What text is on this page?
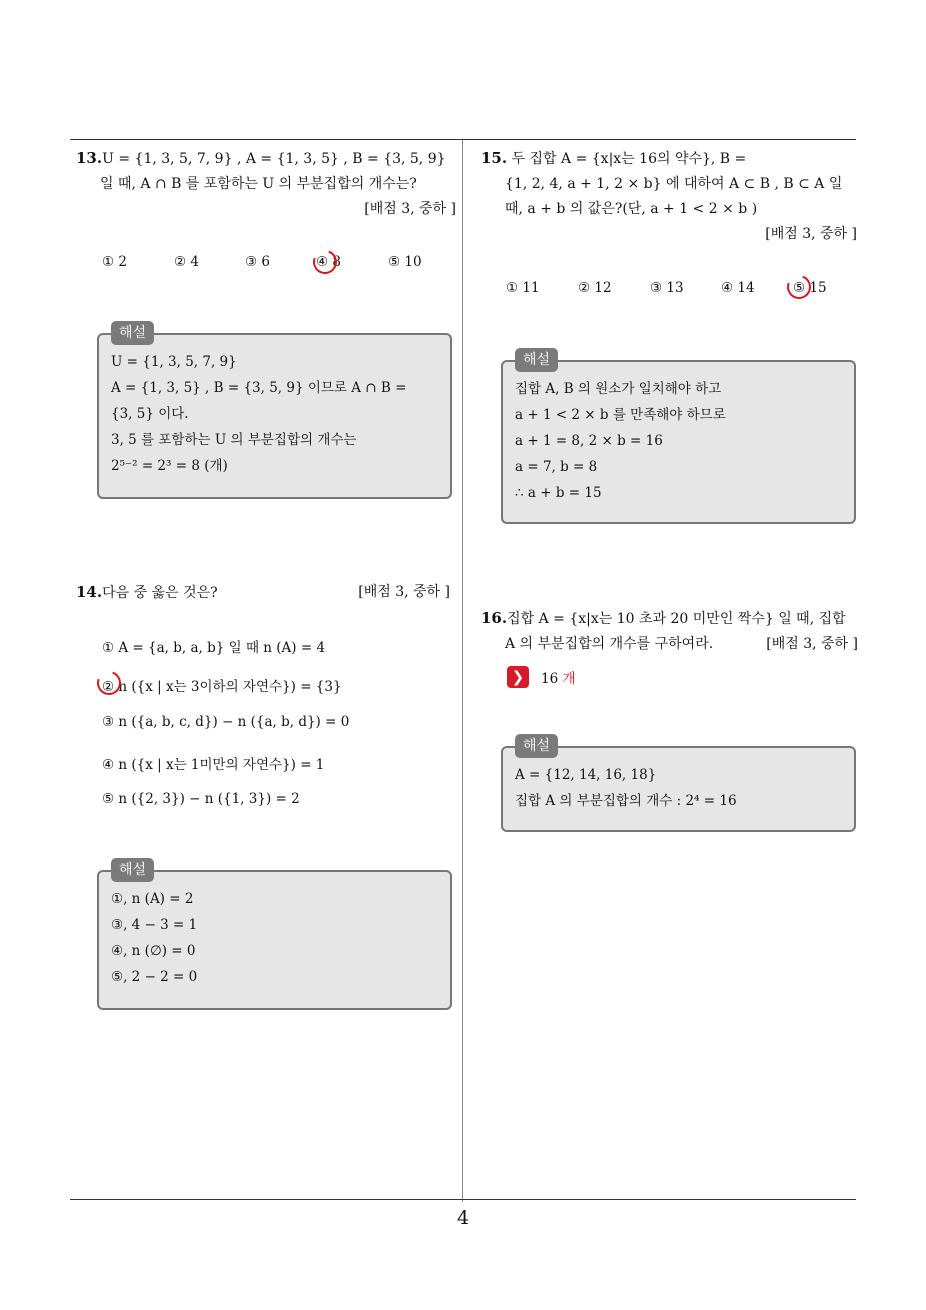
4
13.U = {1, 3, 5, 7, 9} , A = {1, 3, 5} , B = {3, 5, 9}
일 때, A ∩ B 를 포함하는 U 의 부분집합의 개수는?
[배점 3, 중하 ]
① 2	② 4	③ 6	④ 8	⑤ 10
해설
U = {1, 3, 5, 7, 9}
A = {1, 3, 5} , B = {3, 5, 9} 이므로 A ∩ B =
{3, 5} 이다.
3, 5 를 포함하는 U 의 부분집합의 개수는
2⁵⁻² = 2³ = 8 (개)
14.다음 중 옳은 것은?	[배점 3, 중하 ]
① A = {a, b, a, b} 일 때 n (A) = 4
② n ({x | x는 3이하의 자연수}) = {3}
③ n ({a, b, c, d}) − n ({a, b, d}) = 0
④ n ({x | x는 1미만의 자연수}) = 1
⑤ n ({2, 3}) − n ({1, 3}) = 2
해설
①, n (A) = 2
③, 4 − 3 = 1
④, n (∅) = 0
⑤, 2 − 2 = 0
15. 두 집합 A = {x|x는 16의 약수}, B =
{1, 2, 4, a + 1, 2 × b} 에 대하여 A ⊂ B , B ⊂ A 일
때, a + b 의 값은?(단, a + 1 < 2 × b )
[배점 3, 중하 ]
① 11	② 12	③ 13	④ 14	⑤ 15
해설
집합 A, B 의 원소가 일치해야 하고
a + 1 < 2 × b 를 만족해야 하므로
a + 1 = 8, 2 × b = 16
a = 7, b = 8
∴ a + b = 15
16.집합 A = {x|x는 10 초과 20 미만인 짝수} 일 때, 집합
A 의 부분집합의 개수를 구하여라.	[배점 3, 중하 ]
❯	16 개
해설
A = {12, 14, 16, 18}
집합 A 의 부분집합의 개수 : 2⁴ = 16
